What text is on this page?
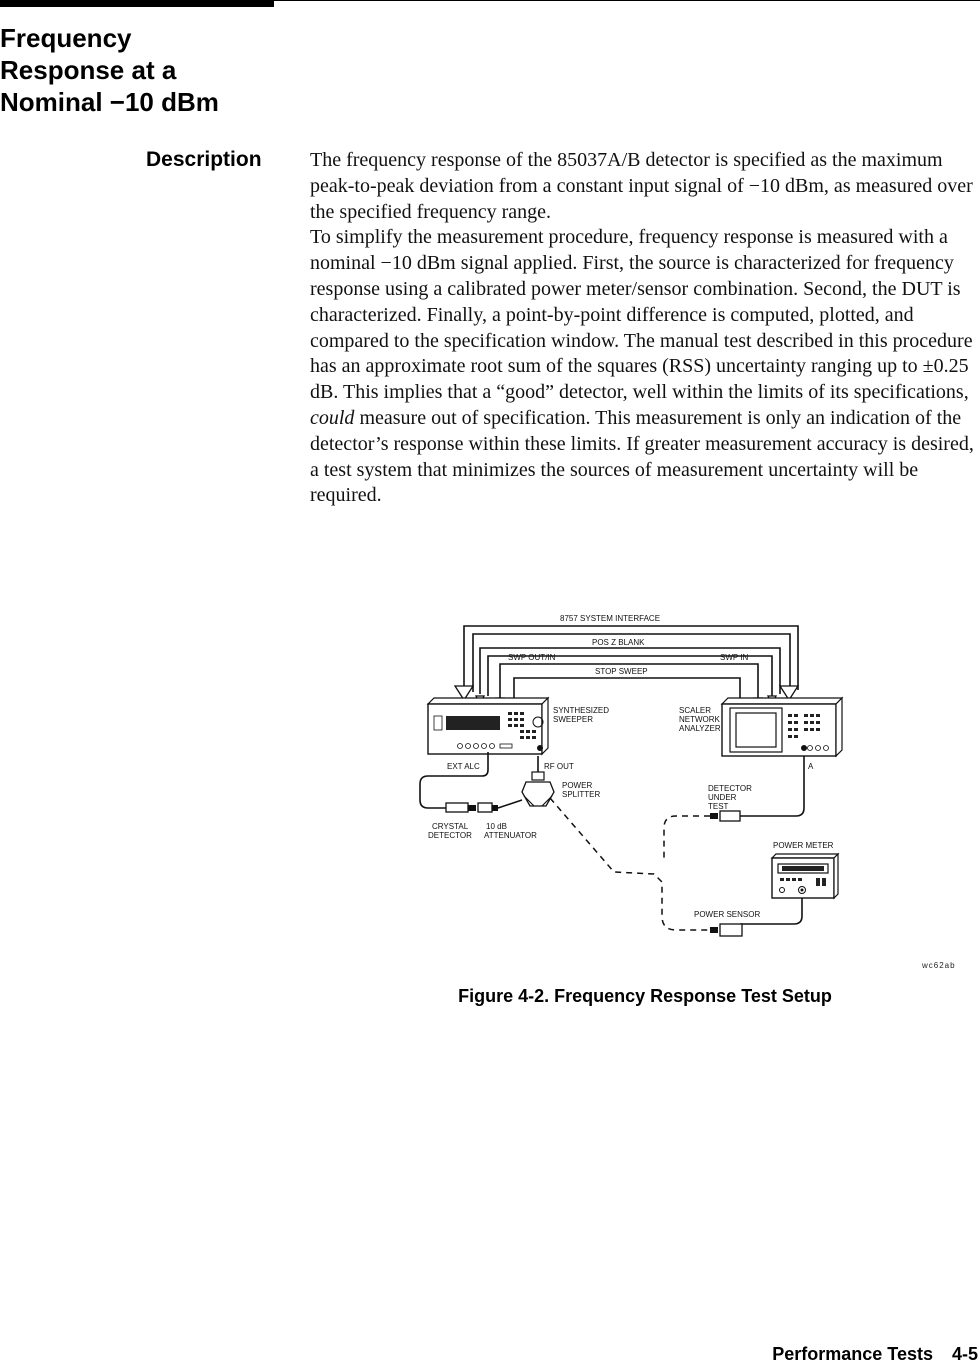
Frequency
Response at a
Nominal −10 dBm
Description	The frequency response of the 85037A/B detector is specified as the maximum peak-to-peak deviation from a constant input signal of −10 dBm, as measured over the specified frequency range.

To simplify the measurement procedure, frequency response is measured with a nominal −10 dBm signal applied. First, the source is characterized for frequency response using a calibrated power meter/sensor combination. Second, the DUT is characterized. Finally, a point-by-point difference is computed, plotted, and compared to the specification window. The manual test described in this procedure has an approximate root sum of the squares (RSS) uncertainty ranging up to ±0.25 dB. This implies that a “good” detector, well within the limits of its specifications, could measure out of specification. This measurement is only an indication of the detector’s response within these limits. If greater measurement accuracy is desired, a test system that minimizes the sources of measurement uncertainty will be required.

8757 SYSTEM INTERFACE
POS Z BLANK
SWP OUT/IN	SWP IN
STOP SWEEP
SYNTHESIZED
SWEEPER
SCALER
NETWORK
ANALYZER
EXT ALC	RF OUT	A
POWER
SPLITTER
CRYSTAL
DETECTOR
10 dB
ATTENUATOR
DETECTOR
UNDER
TEST
POWER METER
POWER SENSOR
wc62ab
Figure 4-2. Frequency Response Test Setup
Performance Tests 4-5
